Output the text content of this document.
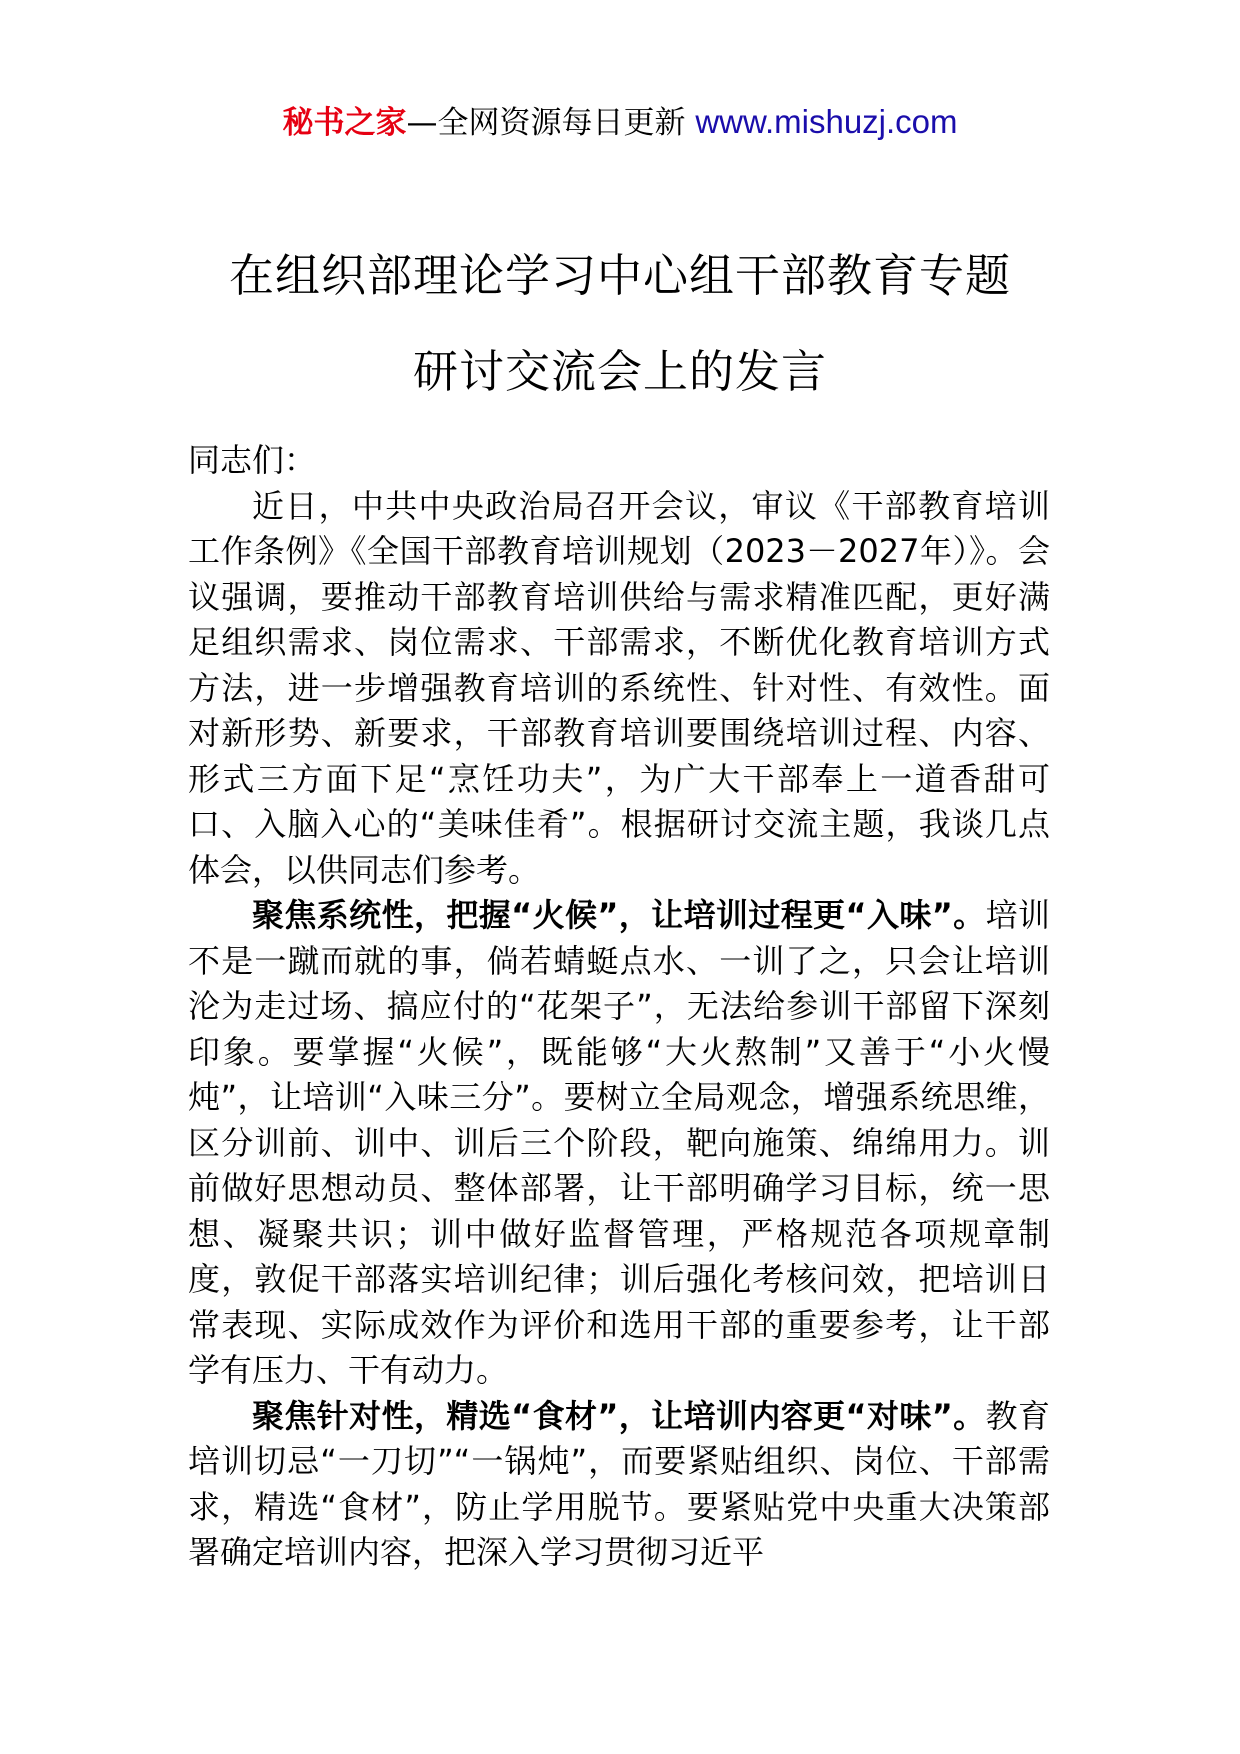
秘书之家—全网资源每日更新 www.mishuzj.com
在组织部理论学习中心组干部教育专题
研讨交流会上的发言

同志们：

近日，中共中央政治局召开会议，审议《干部教育培训工作条例》《全国干部教育培训规划（2023－2027年）》。会议强调，要推动干部教育培训供给与需求精准匹配，更好满足组织需求、岗位需求、干部需求，不断优化教育培训方式方法，进一步增强教育培训的系统性、针对性、有效性。面对新形势、新要求，干部教育培训要围绕培训过程、内容、形式三方面下足“烹饪功夫”，为广大干部奉上一道香甜可口、入脑入心的“美味佳肴”。根据研讨交流主题，我谈几点体会，以供同志们参考。

聚焦系统性，把握“火候”，让培训过程更“入味”。培训不是一蹴而就的事，倘若蜻蜓点水、一训了之，只会让培训沦为走过场、搞应付的“花架子”，无法给参训干部留下深刻印象。要掌握“火候”，既能够“大火熬制”又善于“小火慢炖”，让培训“入味三分”。要树立全局观念，增强系统思维，区分训前、训中、训后三个阶段，靶向施策、绵绵用力。训前做好思想动员、整体部署，让干部明确学习目标，统一思想、凝聚共识；训中做好监督管理，严格规范各项规章制度，敦促干部落实培训纪律；训后强化考核问效，把培训日常表现、实际成效作为评价和选用干部的重要参考，让干部学有压力、干有动力。

聚焦针对性，精选“食材”，让培训内容更“对味”。教育培训切忌“一刀切”“一锅炖”，而要紧贴组织、岗位、干部需求，精选“食材”，防止学用脱节。要紧贴党中央重大决策部署确定培训内容，把深入学习贯彻习近平
